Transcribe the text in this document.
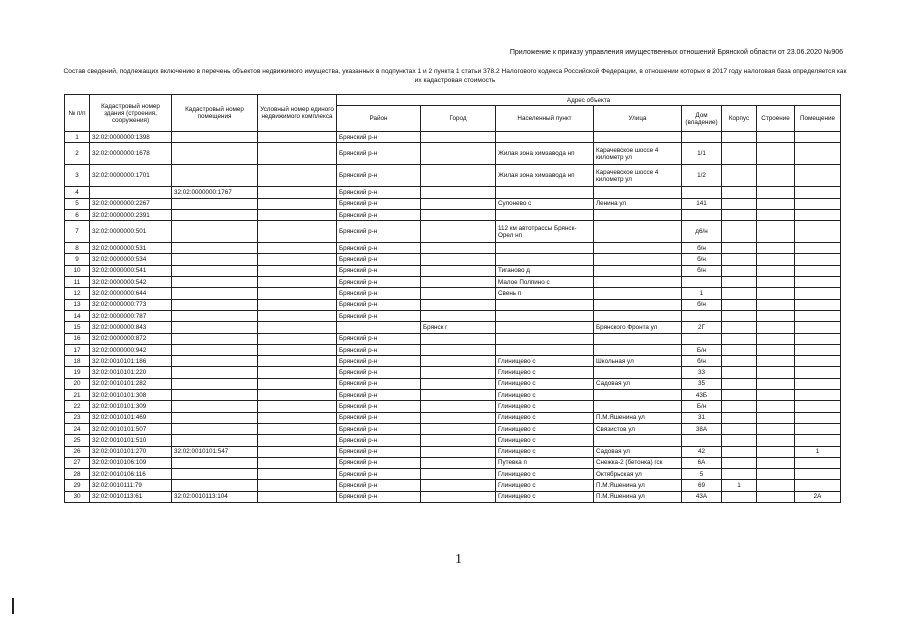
Приложение к приказу управления имущественных отношений Брянской области от 23.06.2020 №906
Состав сведений, подлежащих включению в перечень объектов недвижимого имущества, указанных в подпунктах 1 и 2 пункта 1 статьи 378.2 Налогового кодекса Российской Федерации, в отношении которых в 2017 году налоговая база определяется как их кадастровая стоимость
№ п/п	Кадастровый номер здания (строения, сооружения)	Кадастровый номер помещения	Условный номер единого недвижимого комплекса	Адрес объекта							
				Район	Город	Населенный пункт	Улица	Дом (владение)	Корпус	Строение	Помещение
1	32:02:0000000:1398			Брянский р-н							
2	32:02:0000000:1678			Брянский р-н		Жилая зона химзавода нп	Карачевское шоссе 4 километр ул	1/1			
3	32:02:0000000:1701			Брянский р-н		Жилая зона химзавода нп	Карачевское шоссе 4 километр ул	1/2			
4		32:02:0000000:1767		Брянский р-н							
5	32:02:0000000:2267			Брянский р-н		Супонево с	Ленина ул	141			
6	32:02:0000000:2391			Брянский р-н							
7	32:02:0000000:501			Брянский р-н		112 км автотрассы Брянск-Орел нп		д6/н			
8	32:02:0000000:531			Брянский р-н				б/н			
9	32:02:0000000:534			Брянский р-н				б/н			
10	32:02:0000000:541			Брянский р-н		Тиганово д		б/н			
11	32:02:0000000:542			Брянский р-н		Малое Полпино с					
12	32:02:0000000:644			Брянский р-н		Свень п		1			
13	32:02:0000000:773			Брянский р-н				б/н			
14	32:02:0000000:787			Брянский р-н							
15	32:02:0000000:843				Брянск г		Брянского Фронта ул	2Г			
16	32:02:0000000:872			Брянский р-н							
17	32:02:0000000:942			Брянский р-н				Б/н			
18	32:02:0010101:186			Брянский р-н		Глинищево с	Школьная ул	б/н			
19	32:02:0010101:220			Брянский р-н		Глинищево с		33			
20	32:02:0010101:282			Брянский р-н		Глинищево с	Садовая ул	35			
21	32:02:0010101:308			Брянский р-н		Глинищево с		43Б			
22	32:02:0010101:309			Брянский р-н		Глинищево с		Б/н			
23	32:02:0010101:469			Брянский р-н		Глинищево с	П.М.Яшенина ул	31			
24	32:02:0010101:507			Брянский р-н		Глинищево с	Связистов ул	38А			
25	32:02:0010101:510			Брянский р-н		Глинищево с					
26	32:02:0010101:270	32:02:0010101:547		Брянский р-н		Глинищево с	Садовая ул	42			1
27	32:02:0010106:109			Брянский р-н		Путевка п	Снежка-2 (бетонка) гск	6А			
28	32:02:0010106:116			Брянский р-н		Глинищево с	Октябрьская ул	5			
29	32:02:0010111:79			Брянский р-н		Глинищево с	П.М.Яшенина ул	69	1		
30	32:02:0010113:61	32:02:0010113:104		Брянский р-н		Глинищево с	П.М.Яшенина ул	43А			2А
1
